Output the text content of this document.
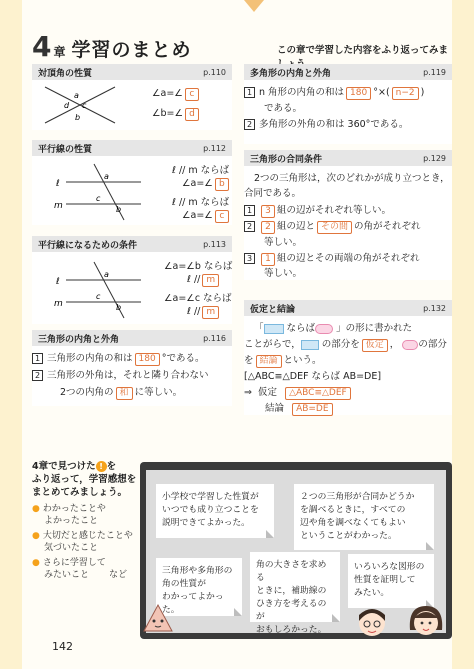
4 章 学習のまとめ	この章で学習した内容をふり返ってみま
対頂角の性質	p.110
a
d c
b
∠a=∠ c
∠b=∠ d
平行線の性質	p.112
ℓ
m
a
c
b
ℓ // m ならば
∠a=∠ b
ℓ // m ならば
∠a=∠ c
平行線になるための条件	p.113
ℓ
m
a
c
b
∠a=∠b ならば
ℓ // m
∠a=∠c ならば
ℓ // m
三角形の内角と外角	p.116
1 三角形の内角の和は 180 °である。
2 三角形の外角は，それと隣り合わない
2つの内角の 和 に等しい。
多角形の内角と外角	p.119
1 n 角形の内角の和は 180 °×( n−2 )
である。
2 多角形の外角の和は 360°である。
三角形の合同条件	p.129
2つの三角形は，次のどれかが成り立つとき，
合同である。
1 3 組の辺がそれぞれ等しい。
2 2 組の辺と その間 の角がそれぞれ
等しい。
3 1 組の辺とその両端の角がそれぞれ
等しい。
仮定と結論	p.132
「 ならば 」の形に書かれた
ことがらで， の部分を 仮定 ， の部分
を 結論 という。
[△ABC≡△DEF ならば AB=DE]
⇒ 仮定 △ABC≡△DEF
結論 AB=DE
4章で見つけた ! を
ふり返って，学習感想を
まとめてみましょう。
● わかったことや
よかったこと
● 大切だと感じたことや
気づいたこと
● さらに学習して
みたいこと など
小学校で学習した性質が
いつでも成り立つことを
説明できてよかった。
２つの三角形が合同かどうか
を調べるときに，すべての
辺や角を調べなくてもよい
ということがわかった。
三角形や多角形の
角の性質が
わかってよかった。
角の大きさを求める
ときに，補助線の
ひき方を考えるのが
おもしろかった。
いろいろな図形の
性質を証明して
みたい。
142
